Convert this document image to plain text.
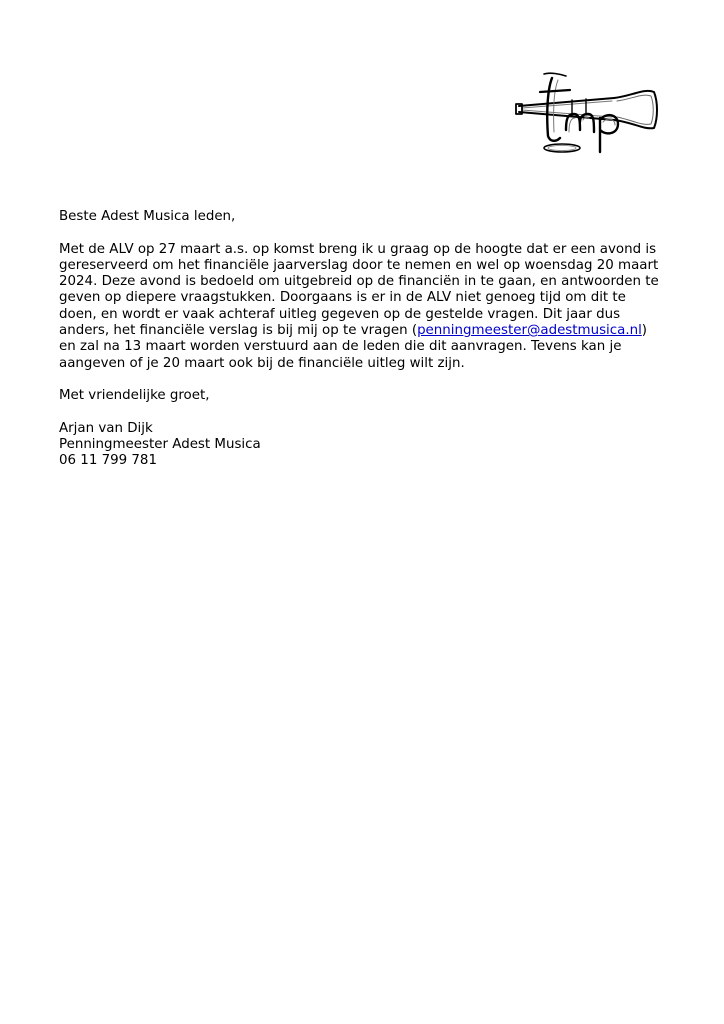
Beste Adest Musica leden,

Met de ALV op 27 maart a.s. op komst breng ik u graag op de hoogte dat er een avond is
gereserveerd om het financiële jaarverslag door te nemen en wel op woensdag 20 maart
2024. Deze avond is bedoeld om uitgebreid op de financiën in te gaan, en antwoorden te
geven op diepere vraagstukken. Doorgaans is er in de ALV niet genoeg tijd om dit te
doen, en wordt er vaak achteraf uitleg gegeven op de gestelde vragen. Dit jaar dus
anders, het financiële verslag is bij mij op te vragen (penningmeester@adestmusica.nl)
en zal na 13 maart worden verstuurd aan de leden die dit aanvragen. Tevens kan je
aangeven of je 20 maart ook bij de financiële uitleg wilt zijn.

Met vriendelijke groet,

Arjan van Dijk
Penningmeester Adest Musica
06 11 799 781
